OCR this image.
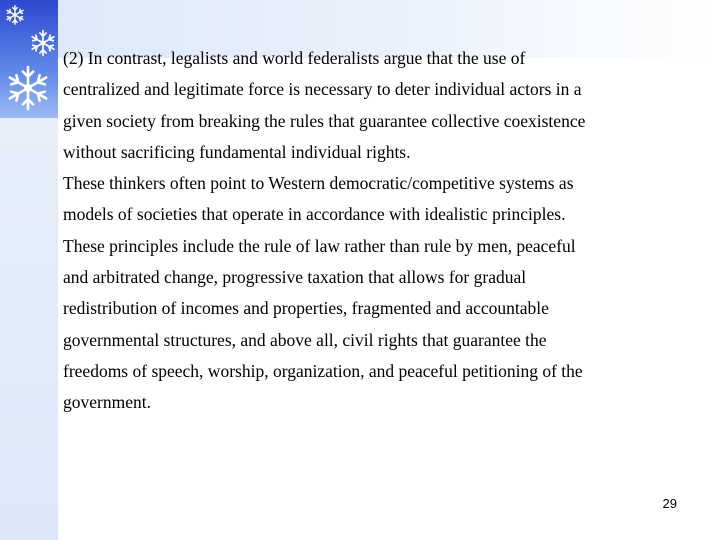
(2) In contrast, legalists and world federalists argue that the use of

centralized and legitimate force is necessary to deter individual actors in a

given society from breaking the rules that guarantee collective coexistence

without sacrificing fundamental individual rights.

These thinkers often point to Western democratic/competitive systems as

models of societies that operate in accordance with idealistic principles.

These principles include the rule of law rather than rule by men, peaceful

and arbitrated change, progressive taxation that allows for gradual

redistribution of incomes and properties, fragmented and accountable

governmental structures, and above all, civil rights that guarantee the

freedoms of speech, worship, organization, and peaceful petitioning of the

government.

29
